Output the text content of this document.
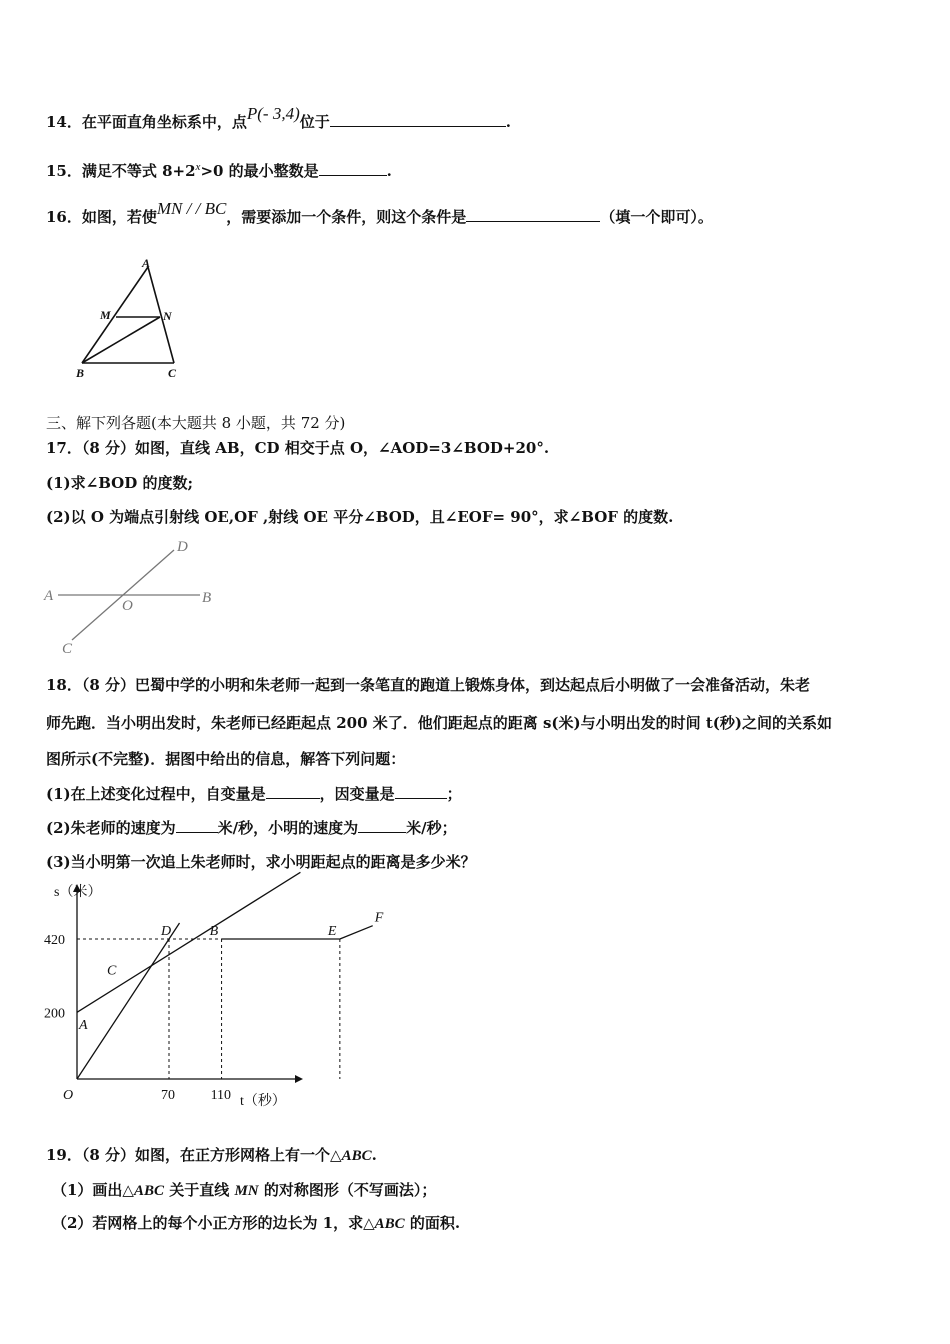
14．在平面直角坐标系中，点P(- 3,4)位于	.
15．满足不等式 $8+2^x>0$ 的最小整数是	.
16．如图，若使MN / / BC，需要添加一个条件，则这个条件是	（填一个即可）。
A
M	N
B	C
三、解下列各题(本大题共 8 小题，共 72 分)
17．（8 分）如图，直线 AB，CD 相交于点 O，∠AOD=3∠BOD+20°.
(1)求∠BOD 的度数;
(2)以 O 为端点引射线 OE,OF ,射线 OE 平分∠BOD，且∠EOF= 90°，求∠BOF 的度数.
A	B
C
D
O
18．（8 分）巴蜀中学的小明和朱老师一起到一条笔直的跑道上锻炼身体，到达起点后小明做了一会准备活动，朱老
师先跑．当小明出发时，朱老师已经距起点 200 米了．他们距起点的距离 s(米)与小明出发的时间 t(秒)之间的关系如
图所示(不完整)．据图中给出的信息，解答下列问题：
(1)在上述变化过程中，自变量是	，因变量是	；
(2)朱老师的速度为	米/秒，小明的速度为	米/秒；
(3)当小明第一次追上朱老师时，求小明距起点的距离是多少米？
70	110
200
420
O
s（米）
t（秒）
A
C
D	B	E
F
19．（8 分）如图，在正方形网格上有一个△ABC.
（1）画出△ABC 关于直线 MN 的对称图形（不写画法）；
（2）若网格上的每个小正方形的边长为 1，求△ABC 的面积.
